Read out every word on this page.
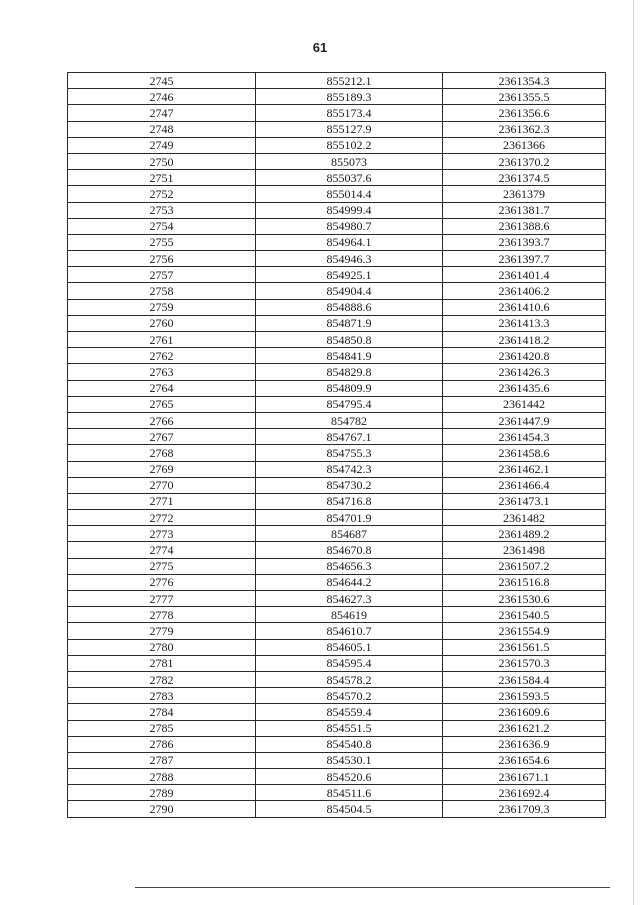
61
2745	855212.1	2361354.3
2746	855189.3	2361355.5
2747	855173.4	2361356.6
2748	855127.9	2361362.3
2749	855102.2	2361366
2750	855073	2361370.2
2751	855037.6	2361374.5
2752	855014.4	2361379
2753	854999.4	2361381.7
2754	854980.7	2361388.6
2755	854964.1	2361393.7
2756	854946.3	2361397.7
2757	854925.1	2361401.4
2758	854904.4	2361406.2
2759	854888.6	2361410.6
2760	854871.9	2361413.3
2761	854850.8	2361418.2
2762	854841.9	2361420.8
2763	854829.8	2361426.3
2764	854809.9	2361435.6
2765	854795.4	2361442
2766	854782	2361447.9
2767	854767.1	2361454.3
2768	854755.3	2361458.6
2769	854742.3	2361462.1
2770	854730.2	2361466.4
2771	854716.8	2361473.1
2772	854701.9	2361482
2773	854687	2361489.2
2774	854670.8	2361498
2775	854656.3	2361507.2
2776	854644.2	2361516.8
2777	854627.3	2361530.6
2778	854619	2361540.5
2779	854610.7	2361554.9
2780	854605.1	2361561.5
2781	854595.4	2361570.3
2782	854578.2	2361584.4
2783	854570.2	2361593.5
2784	854559.4	2361609.6
2785	854551.5	2361621.2
2786	854540.8	2361636.9
2787	854530.1	2361654.6
2788	854520.6	2361671.1
2789	854511.6	2361692.4
2790	854504.5	2361709.3
